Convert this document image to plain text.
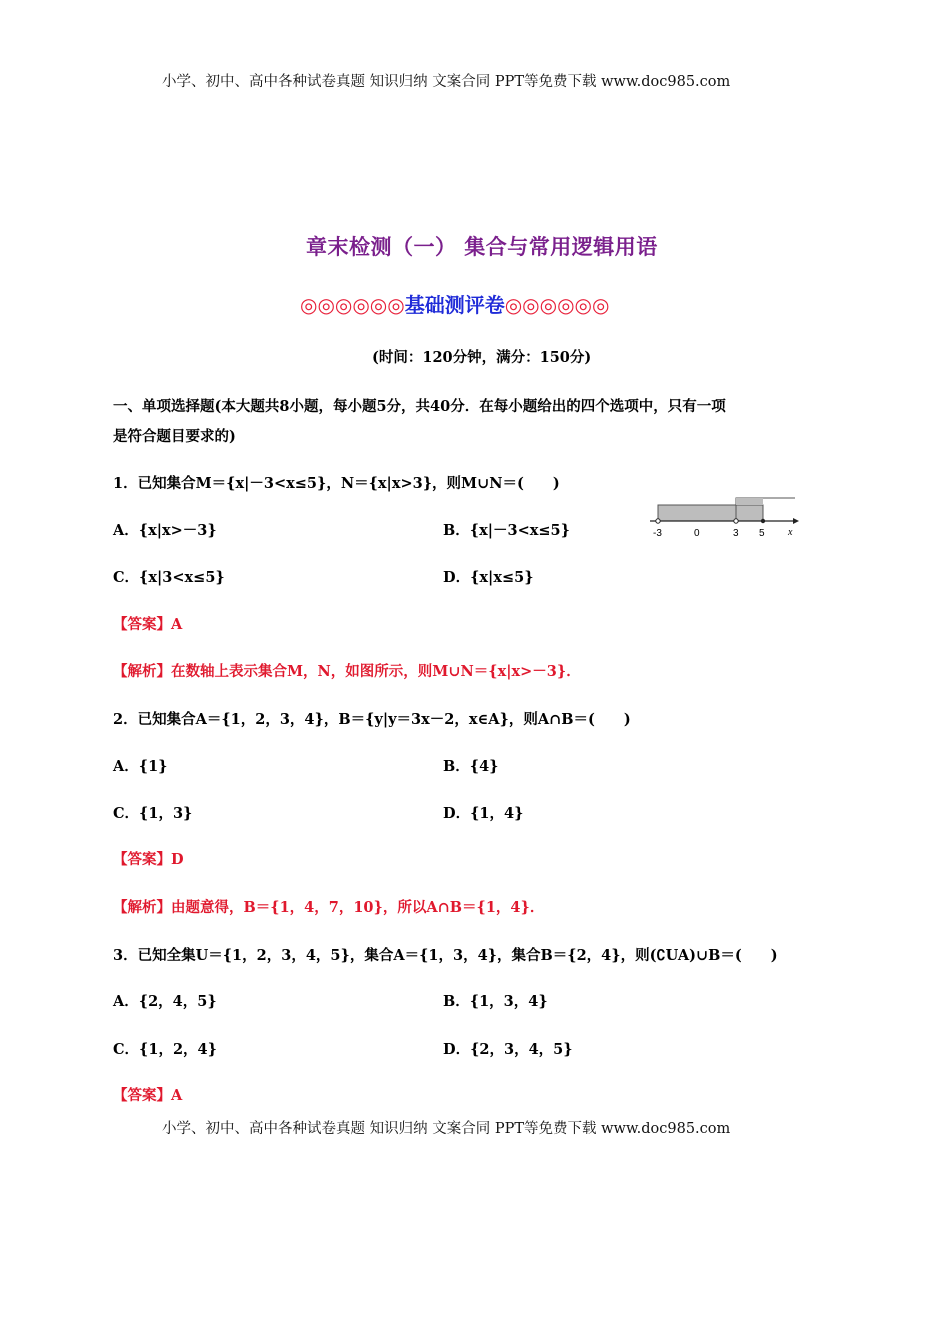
小学、初中、高中各种试卷真题 知识归纳 文案合同 PPT等免费下载 www.doc985.com
章末检测（一） 集合与常用逻辑用语
◎◎◎◎◎◎基础测评卷◎◎◎◎◎◎
(时间：120分钟，满分：150分)
一、单项选择题(本大题共8小题，每小题5分，共40分．在每小题给出的四个选项中，只有一项
是符合题目要求的)
1．已知集合M＝{x|－3<x≤5}，N＝{x|x>3}，则M∪N＝(　　)
A．{x|x>－3}	B．{x|－3<x≤5}
C．{x|3<x≤5}	D．{x|x≤5}
-3	0	3 5 x
【答案】A
【解析】在数轴上表示集合M，N，如图所示，则M∪N＝{x|x>－3}．
2．已知集合A＝{1，2，3，4}，B＝{y|y＝3x－2，x∈A}，则A∩B＝(　　)
A．{1}	B．{4}
C．{1，3}	D．{1，4}
【答案】D
【解析】由题意得，B＝{1，4，7，10}，所以A∩B＝{1，4}．
3．已知全集U＝{1，2，3，4，5}，集合A＝{1，3，4}，集合B＝{2，4}，则(∁UA)∪B＝(　　)
A．{2，4，5}	B．{1，3，4}
C．{1，2，4}	D．{2，3，4，5}
【答案】A
小学、初中、高中各种试卷真题 知识归纳 文案合同 PPT等免费下载 www.doc985.com
